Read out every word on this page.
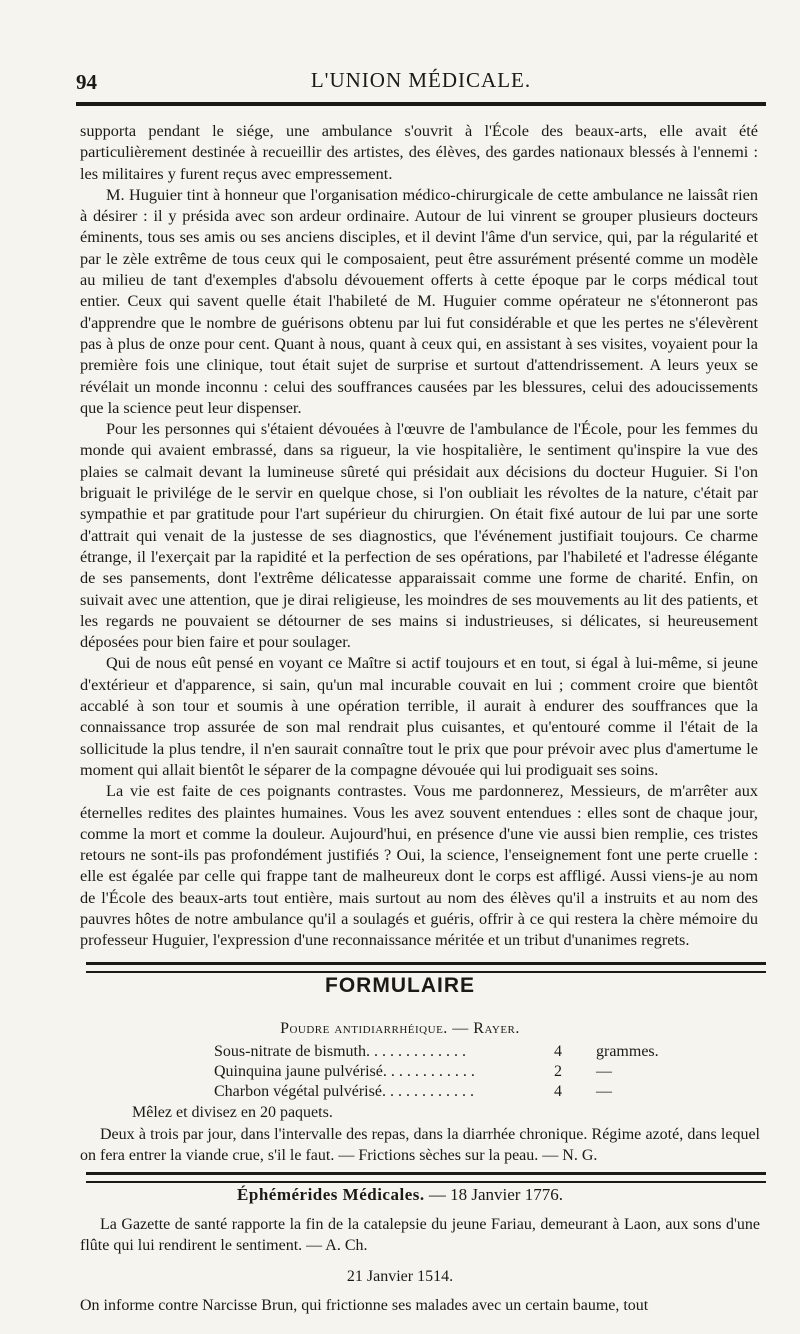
94	L'UNION MÉDICALE.

supporta pendant le siége, une ambulance s'ouvrit à l'École des beaux-arts, elle avait été particulièrement destinée à recueillir des artistes, des élèves, des gardes nationaux blessés à l'ennemi : les militaires y furent reçus avec empressement.

M. Huguier tint à honneur que l'organisation médico-chirurgicale de cette ambulance ne laissât rien à désirer : il y présida avec son ardeur ordinaire. Autour de lui vinrent se grouper plusieurs docteurs éminents, tous ses amis ou ses anciens disciples, et il devint l'âme d'un service, qui, par la régularité et par le zèle extrême de tous ceux qui le composaient, peut être assurément présenté comme un modèle au milieu de tant d'exemples d'absolu dévouement offerts à cette époque par le corps médical tout entier. Ceux qui savent quelle était l'habileté de M. Huguier comme opérateur ne s'étonneront pas d'apprendre que le nombre de guérisons obtenu par lui fut considérable et que les pertes ne s'élevèrent pas à plus de onze pour cent. Quant à nous, quant à ceux qui, en assistant à ses visites, voyaient pour la première fois une clinique, tout était sujet de surprise et surtout d'attendrissement. A leurs yeux se révélait un monde inconnu : celui des souffrances causées par les blessures, celui des adoucissements que la science peut leur dispenser.

Pour les personnes qui s'étaient dévouées à l'œuvre de l'ambulance de l'École, pour les femmes du monde qui avaient embrassé, dans sa rigueur, la vie hospitalière, le sentiment qu'inspire la vue des plaies se calmait devant la lumineuse sûreté qui présidait aux décisions du docteur Huguier. Si l'on briguait le privilége de le servir en quelque chose, si l'on oubliait les révoltes de la nature, c'était par sympathie et par gratitude pour l'art supérieur du chirurgien. On était fixé autour de lui par une sorte d'attrait qui venait de la justesse de ses diagnostics, que l'événement justifiait toujours. Ce charme étrange, il l'exerçait par la rapidité et la perfection de ses opérations, par l'habileté et l'adresse élégante de ses pansements, dont l'extrême délicatesse apparaissait comme une forme de charité. Enfin, on suivait avec une attention, que je dirai religieuse, les moindres de ses mouvements au lit des patients, et les regards ne pouvaient se détourner de ses mains si industrieuses, si délicates, si heureusement déposées pour bien faire et pour soulager.

Qui de nous eût pensé en voyant ce Maître si actif toujours et en tout, si égal à lui-même, si jeune d'extérieur et d'apparence, si sain, qu'un mal incurable couvait en lui ; comment croire que bientôt accablé à son tour et soumis à une opération terrible, il aurait à endurer des souffrances que la connaissance trop assurée de son mal rendrait plus cuisantes, et qu'entouré comme il l'était de la sollicitude la plus tendre, il n'en saurait connaître tout le prix que pour prévoir avec plus d'amertume le moment qui allait bientôt le séparer de la compagne dévouée qui lui prodiguait ses soins.

La vie est faite de ces poignants contrastes. Vous me pardonnerez, Messieurs, de m'arrêter aux éternelles redites des plaintes humaines. Vous les avez souvent entendues : elles sont de chaque jour, comme la mort et comme la douleur. Aujourd'hui, en présence d'une vie aussi bien remplie, ces tristes retours ne sont-ils pas profondément justifiés ? Oui, la science, l'enseignement font une perte cruelle : elle est égalée par celle qui frappe tant de malheureux dont le corps est affligé. Aussi viens-je au nom de l'École des beaux-arts tout entière, mais surtout au nom des élèves qu'il a instruits et au nom des pauvres hôtes de notre ambulance qu'il a soulagés et guéris, offrir à ce qui restera la chère mémoire du professeur Huguier, l'expression d'une reconnaissance méritée et un tribut d'unanimes regrets.

FORMULAIRE
Poudre antidiarrhéique. — Rayer.
Sous-nitrate de bismuth. . . . . . . . . . . . .	4 grammes.
Quinquina jaune pulvérisé. . . . . . . . . . . .	2 —
Charbon végétal pulvérisé. . . . . . . . . . . .	4 —
Mêlez et divisez en 20 paquets.
Deux à trois par jour, dans l'intervalle des repas, dans la diarrhée chronique. Régime azoté, dans lequel on fera entrer la viande crue, s'il le faut. — Frictions sèches sur la peau. — N. G.
Éphémérides Médicales. — 18 Janvier 1776.

La Gazette de santé rapporte la fin de la catalepsie du jeune Fariau, demeurant à Laon, aux sons d'une flûte qui lui rendirent le sentiment. — A. Ch.

21 Janvier 1514.

On informe contre Narcisse Brun, qui frictionne ses malades avec un certain baume, tout
